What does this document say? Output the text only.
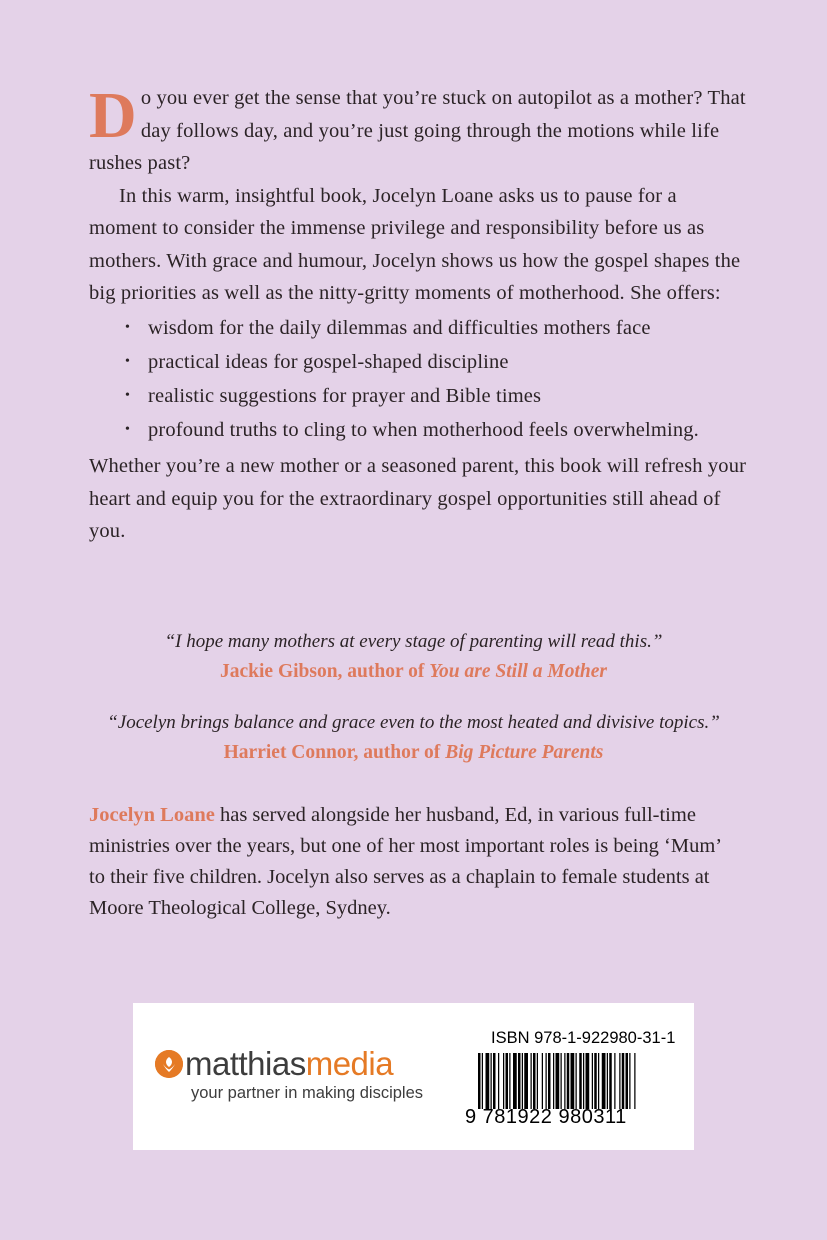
Do you ever get the sense that you’re stuck on autopilot as a mother? That day follows day, and you’re just going through the motions while life rushes past?

In this warm, insightful book, Jocelyn Loane asks us to pause for a moment to consider the immense privilege and responsibility before us as mothers. With grace and humour, Jocelyn shows us how the gospel shapes the big priorities as well as the nitty-gritty moments of motherhood. She offers:

• wisdom for the daily dilemmas and difficulties mothers face
• practical ideas for gospel-shaped discipline
• realistic suggestions for prayer and Bible times
• profound truths to cling to when motherhood feels overwhelming.

Whether you’re a new mother or a seasoned parent, this book will refresh your heart and equip you for the extraordinary gospel opportunities still ahead of you.

“I hope many mothers at every stage of parenting will read this.”
Jackie Gibson, author of You are Still a Mother
“Jocelyn brings balance and grace even to the most heated and divisive topics.”
Harriet Connor, author of Big Picture Parents
Jocelyn Loane has served alongside her husband, Ed, in various full-time ministries over the years, but one of her most important roles is being ‘Mum’ to their five children. Jocelyn also serves as a chaplain to female students at Moore Theological College, Sydney.
matthiasmedia
your partner in making disciples
ISBN 978-1-922980-31-1
9 781922 980311
